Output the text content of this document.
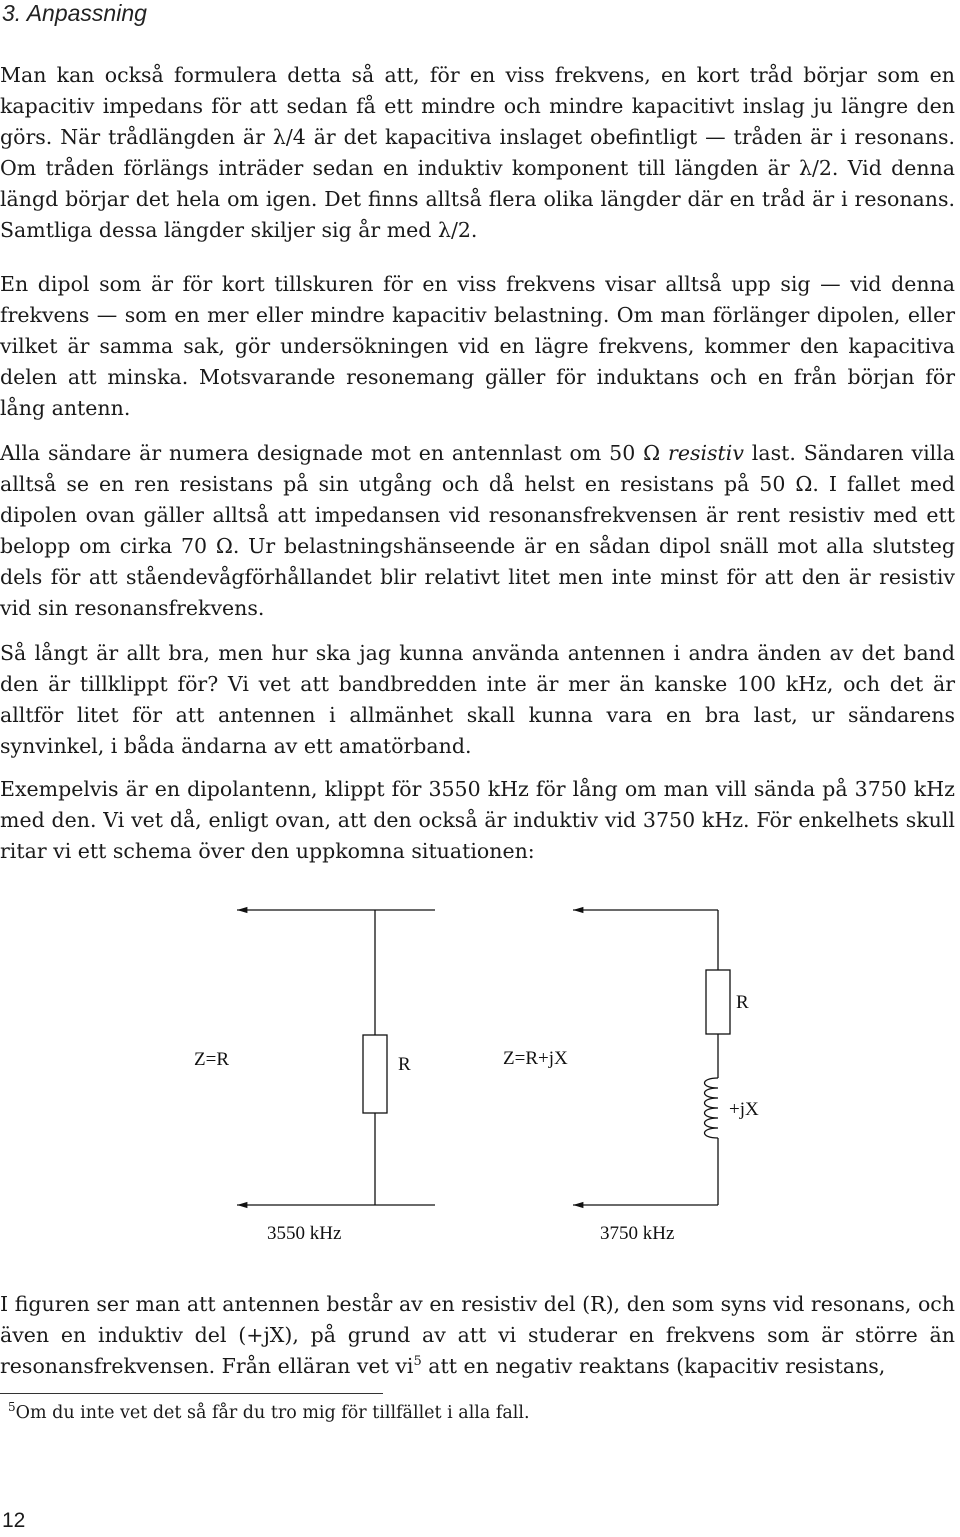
3. Anpassning

Man kan också formulera detta så att, för en viss frekvens, en kort tråd börjar som en kapacitiv impedans för att sedan få ett mindre och mindre kapacitivt inslag ju längre den görs. När trådlängden är λ/4 är det kapacitiva inslaget obefintligt — tråden är i resonans. Om tråden förlängs inträder sedan en induktiv komponent till längden är λ/2. Vid denna längd börjar det hela om igen. Det finns alltså flera olika längder där en tråd är i resonans. Samtliga dessa längder skiljer sig år med λ/2.

En dipol som är för kort tillskuren för en viss frekvens visar alltså upp sig — vid denna frekvens — som en mer eller mindre kapacitiv belastning. Om man förlänger dipolen, eller vilket är samma sak, gör undersökningen vid en lägre frekvens, kommer den kapacitiva delen att minska. Motsvarande resonemang gäller för induktans och en från början för lång antenn.

Alla sändare är numera designade mot en antennlast om 50 Ω resistiv last. Sändaren villa alltså se en ren resistans på sin utgång och då helst en resistans på 50 Ω. I fallet med dipolen ovan gäller alltså att impedansen vid resonansfrekvensen är rent resistiv med ett belopp om cirka 70 Ω. Ur belastningshänseende är en sådan dipol snäll mot alla slutsteg dels för att ståendevågförhållandet blir relativt litet men inte minst för att den är resistiv vid sin resonansfrekvens.

Så långt är allt bra, men hur ska jag kunna använda antennen i andra änden av det band den är tillklippt för? Vi vet att bandbredden inte är mer än kanske 100 kHz, och det är alltför litet för att antennen i allmänhet skall kunna vara en bra last, ur sändarens synvinkel, i båda ändarna av ett amatörband.

Exempelvis är en dipolantenn, klippt för 3550 kHz för lång om man vill sända på 3750 kHz med den. Vi vet då, enligt ovan, att den också är induktiv vid 3750 kHz. För enkelhets skull ritar vi ett schema över den uppkomna situationen:

Z=R	R
3550 kHz
Z=R+jX
R
+jX
3750 kHz

I figuren ser man att antennen består av en resistiv del (R), den som syns vid resonans, och även en induktiv del (+jX), på grund av att vi studerar en frekvens som är större än resonansfrekvensen. Från elläran vet $vi^5$ att en negativ reaktans (kapacitiv resistans,

$^5$Om du inte vet det så får du tro mig för tillfället i alla fall.
12
